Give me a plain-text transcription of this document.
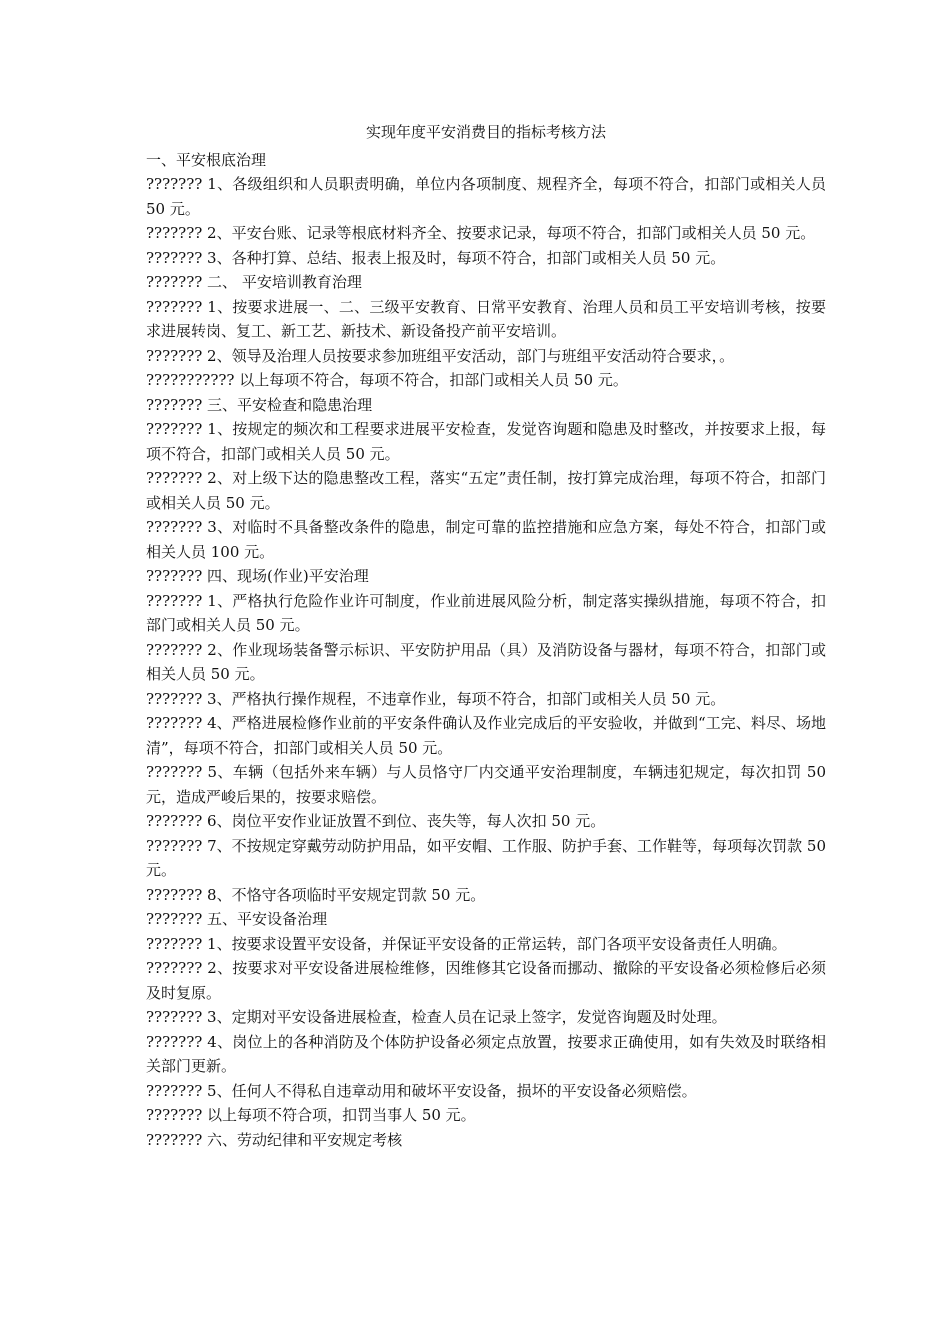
实现年度平安消费目的指标考核方法

一、平安根底治理

??????? 1、各级组织和人员职责明确，单位内各项制度、规程齐全，每项不符合，扣部门或相关人员 50 元。

??????? 2、平安台账、记录等根底材料齐全、按要求记录，每项不符合，扣部门或相关人员 50 元。

??????? 3、各种打算、总结、报表上报及时，每项不符合，扣部门或相关人员 50 元。

??????? 二、 平安培训教育治理

??????? 1、按要求进展一、二、三级平安教育、日常平安教育、治理人员和员工平安培训考核，按要求进展转岗、复工、新工艺、新技术、新设备投产前平安培训。

??????? 2、领导及治理人员按要求参加班组平安活动，部门与班组平安活动符合要求，。

??????????? 以上每项不符合，每项不符合，扣部门或相关人员 50 元。

??????? 三、平安检查和隐患治理

??????? 1、按规定的频次和工程要求进展平安检查，发觉咨询题和隐患及时整改，并按要求上报，每项不符合，扣部门或相关人员 50 元。

??????? 2、对上级下达的隐患整改工程，落实“五定”责任制，按打算完成治理，每项不符合，扣部门或相关人员 50 元。

??????? 3、对临时不具备整改条件的隐患，制定可靠的监控措施和应急方案，每处不符合，扣部门或相关人员 100 元。

??????? 四、现场(作业)平安治理

??????? 1、严格执行危险作业许可制度，作业前进展风险分析，制定落实操纵措施，每项不符合，扣部门或相关人员 50 元。

??????? 2、作业现场装备警示标识、平安防护用品（具）及消防设备与器材，每项不符合，扣部门或相关人员 50 元。

??????? 3、严格执行操作规程，不违章作业，每项不符合，扣部门或相关人员 50 元。

??????? 4、严格进展检修作业前的平安条件确认及作业完成后的平安验收，并做到“工完、料尽、场地清”，每项不符合，扣部门或相关人员 50 元。

??????? 5、车辆（包括外来车辆）与人员恪守厂内交通平安治理制度，车辆违犯规定，每次扣罚 50 元，造成严峻后果的，按要求赔偿。

??????? 6、岗位平安作业证放置不到位、丧失等，每人次扣 50 元。

??????? 7、不按规定穿戴劳动防护用品，如平安帽、工作服、防护手套、工作鞋等，每项每次罚款 50 元。

??????? 8、不恪守各项临时平安规定罚款 50 元。

??????? 五、平安设备治理

??????? 1、按要求设置平安设备，并保证平安设备的正常运转，部门各项平安设备责任人明确。

??????? 2、按要求对平安设备进展检维修，因维修其它设备而挪动、撤除的平安设备必须检修后必须及时复原。

??????? 3、定期对平安设备进展检查，检查人员在记录上签字，发觉咨询题及时处理。

??????? 4、岗位上的各种消防及个体防护设备必须定点放置，按要求正确使用，如有失效及时联络相关部门更新。

??????? 5、任何人不得私自违章动用和破坏平安设备，损坏的平安设备必须赔偿。

??????? 以上每项不符合项，扣罚当事人 50 元。

??????? 六、劳动纪律和平安规定考核
